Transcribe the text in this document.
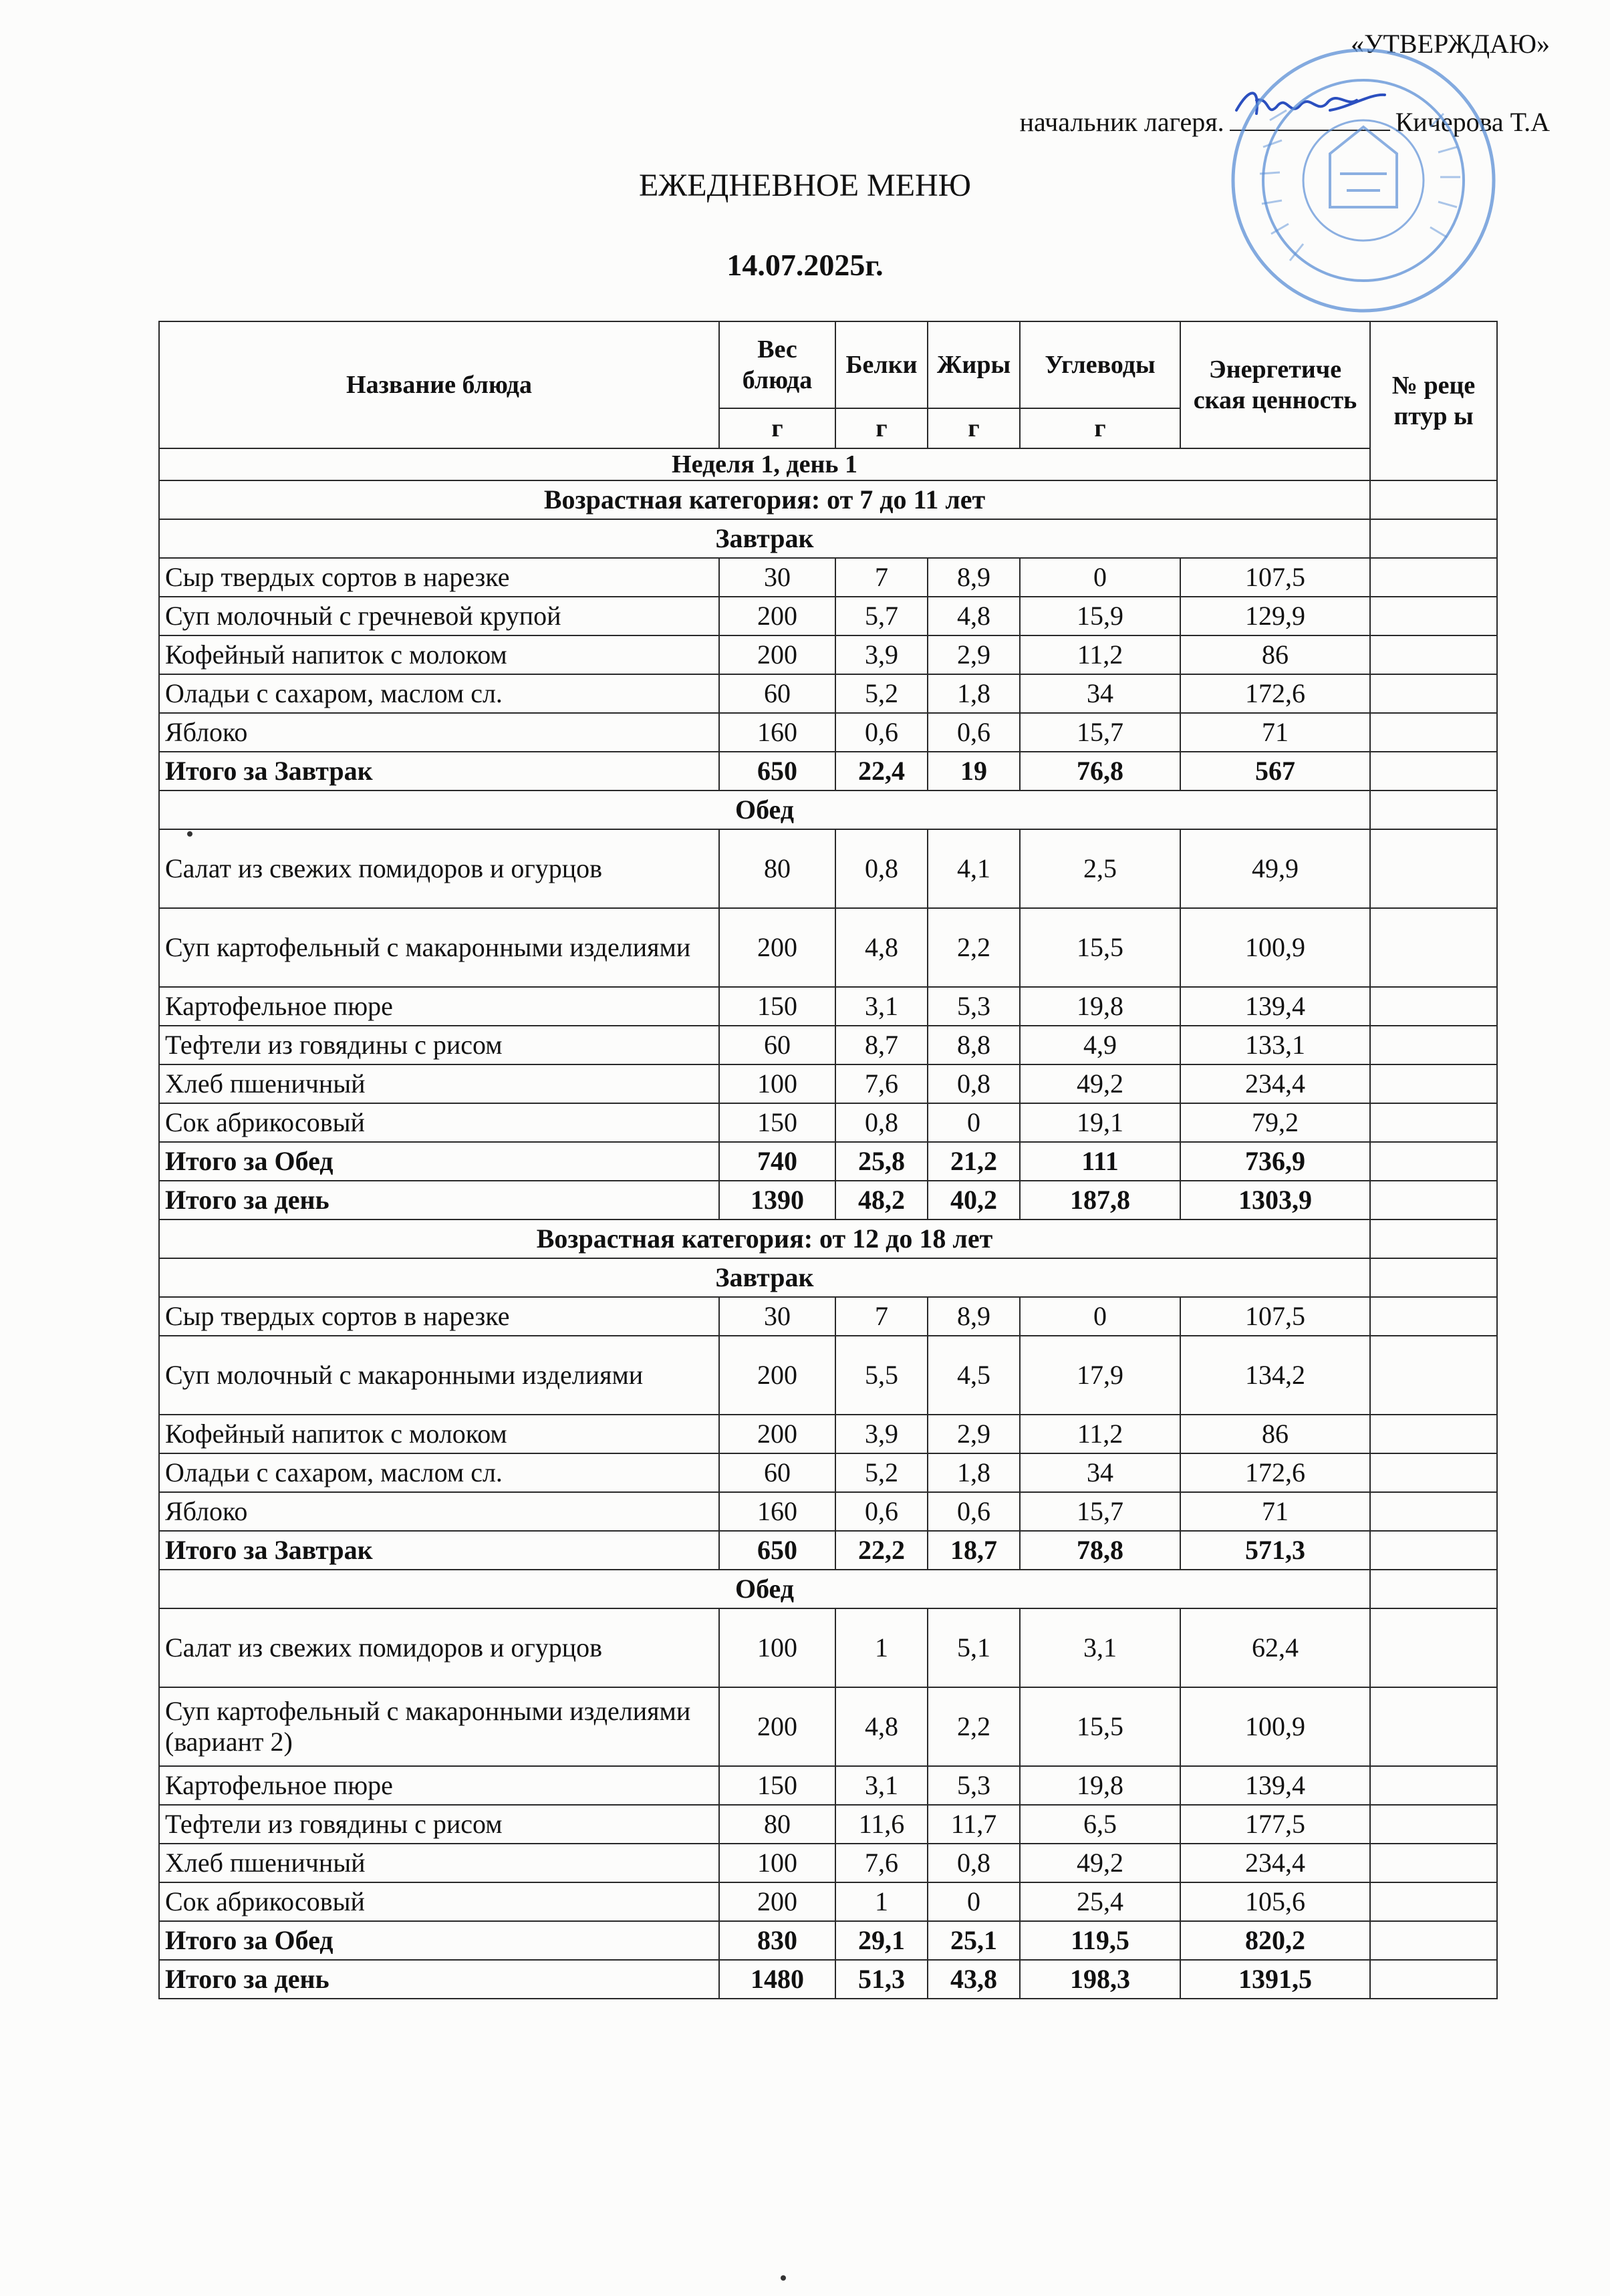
«УТВЕРЖДАЮ»
начальник лагеря.	Кичерова Т.А
ЕЖЕДНЕВНОЕ МЕНЮ
14.07.2025г.
Название блюда	Вес блюда	Белки	Жиры	Углеводы	Энергетиче ская ценность	№ реце птур ы
	г	г	г	г		
Неделя 1, день 1						
Возрастная категория: от 7 до 11 лет						
Завтрак						
Сыр твердых сортов в нарезке	30	7	8,9	0	107,5	
Суп молочный с гречневой крупой	200	5,7	4,8	15,9	129,9	
Кофейный напиток с молоком	200	3,9	2,9	11,2	86	
Оладьи с сахаром, маслом сл.	60	5,2	1,8	34	172,6	
Яблоко	160	0,6	0,6	15,7	71	
Итого за Завтрак	650	22,4	19	76,8	567	
Обед						
Салат из свежих помидоров и огурцов	80	0,8	4,1	2,5	49,9	
Суп картофельный с макаронными изделиями	200	4,8	2,2	15,5	100,9	
Картофельное пюре	150	3,1	5,3	19,8	139,4	
Тефтели из говядины с рисом	60	8,7	8,8	4,9	133,1	
Хлеб пшеничный	100	7,6	0,8	49,2	234,4	
Сок абрикосовый	150	0,8	0	19,1	79,2	
Итого за Обед	740	25,8	21,2	111	736,9	
Итого за день	1390	48,2	40,2	187,8	1303,9	
Возрастная категория: от 12 до 18 лет						
Завтрак						
Сыр твердых сортов в нарезке	30	7	8,9	0	107,5	
Суп молочный с макаронными изделиями	200	5,5	4,5	17,9	134,2	
Кофейный напиток с молоком	200	3,9	2,9	11,2	86	
Оладьи с сахаром, маслом сл.	60	5,2	1,8	34	172,6	
Яблоко	160	0,6	0,6	15,7	71	
Итого за Завтрак	650	22,2	18,7	78,8	571,3	
Обед						
Салат из свежих помидоров и огурцов	100	1	5,1	3,1	62,4	
Суп картофельный с макаронными изделиями (вариант 2)	200	4,8	2,2	15,5	100,9	
Картофельное пюре	150	3,1	5,3	19,8	139,4	
Тефтели из говядины с рисом	80	11,6	11,7	6,5	177,5	
Хлеб пшеничный	100	7,6	0,8	49,2	234,4	
Сок абрикосовый	200	1	0	25,4	105,6	
Итого за Обед	830	29,1	25,1	119,5	820,2	
Итого за день	1480	51,3	43,8	198,3	1391,5	
